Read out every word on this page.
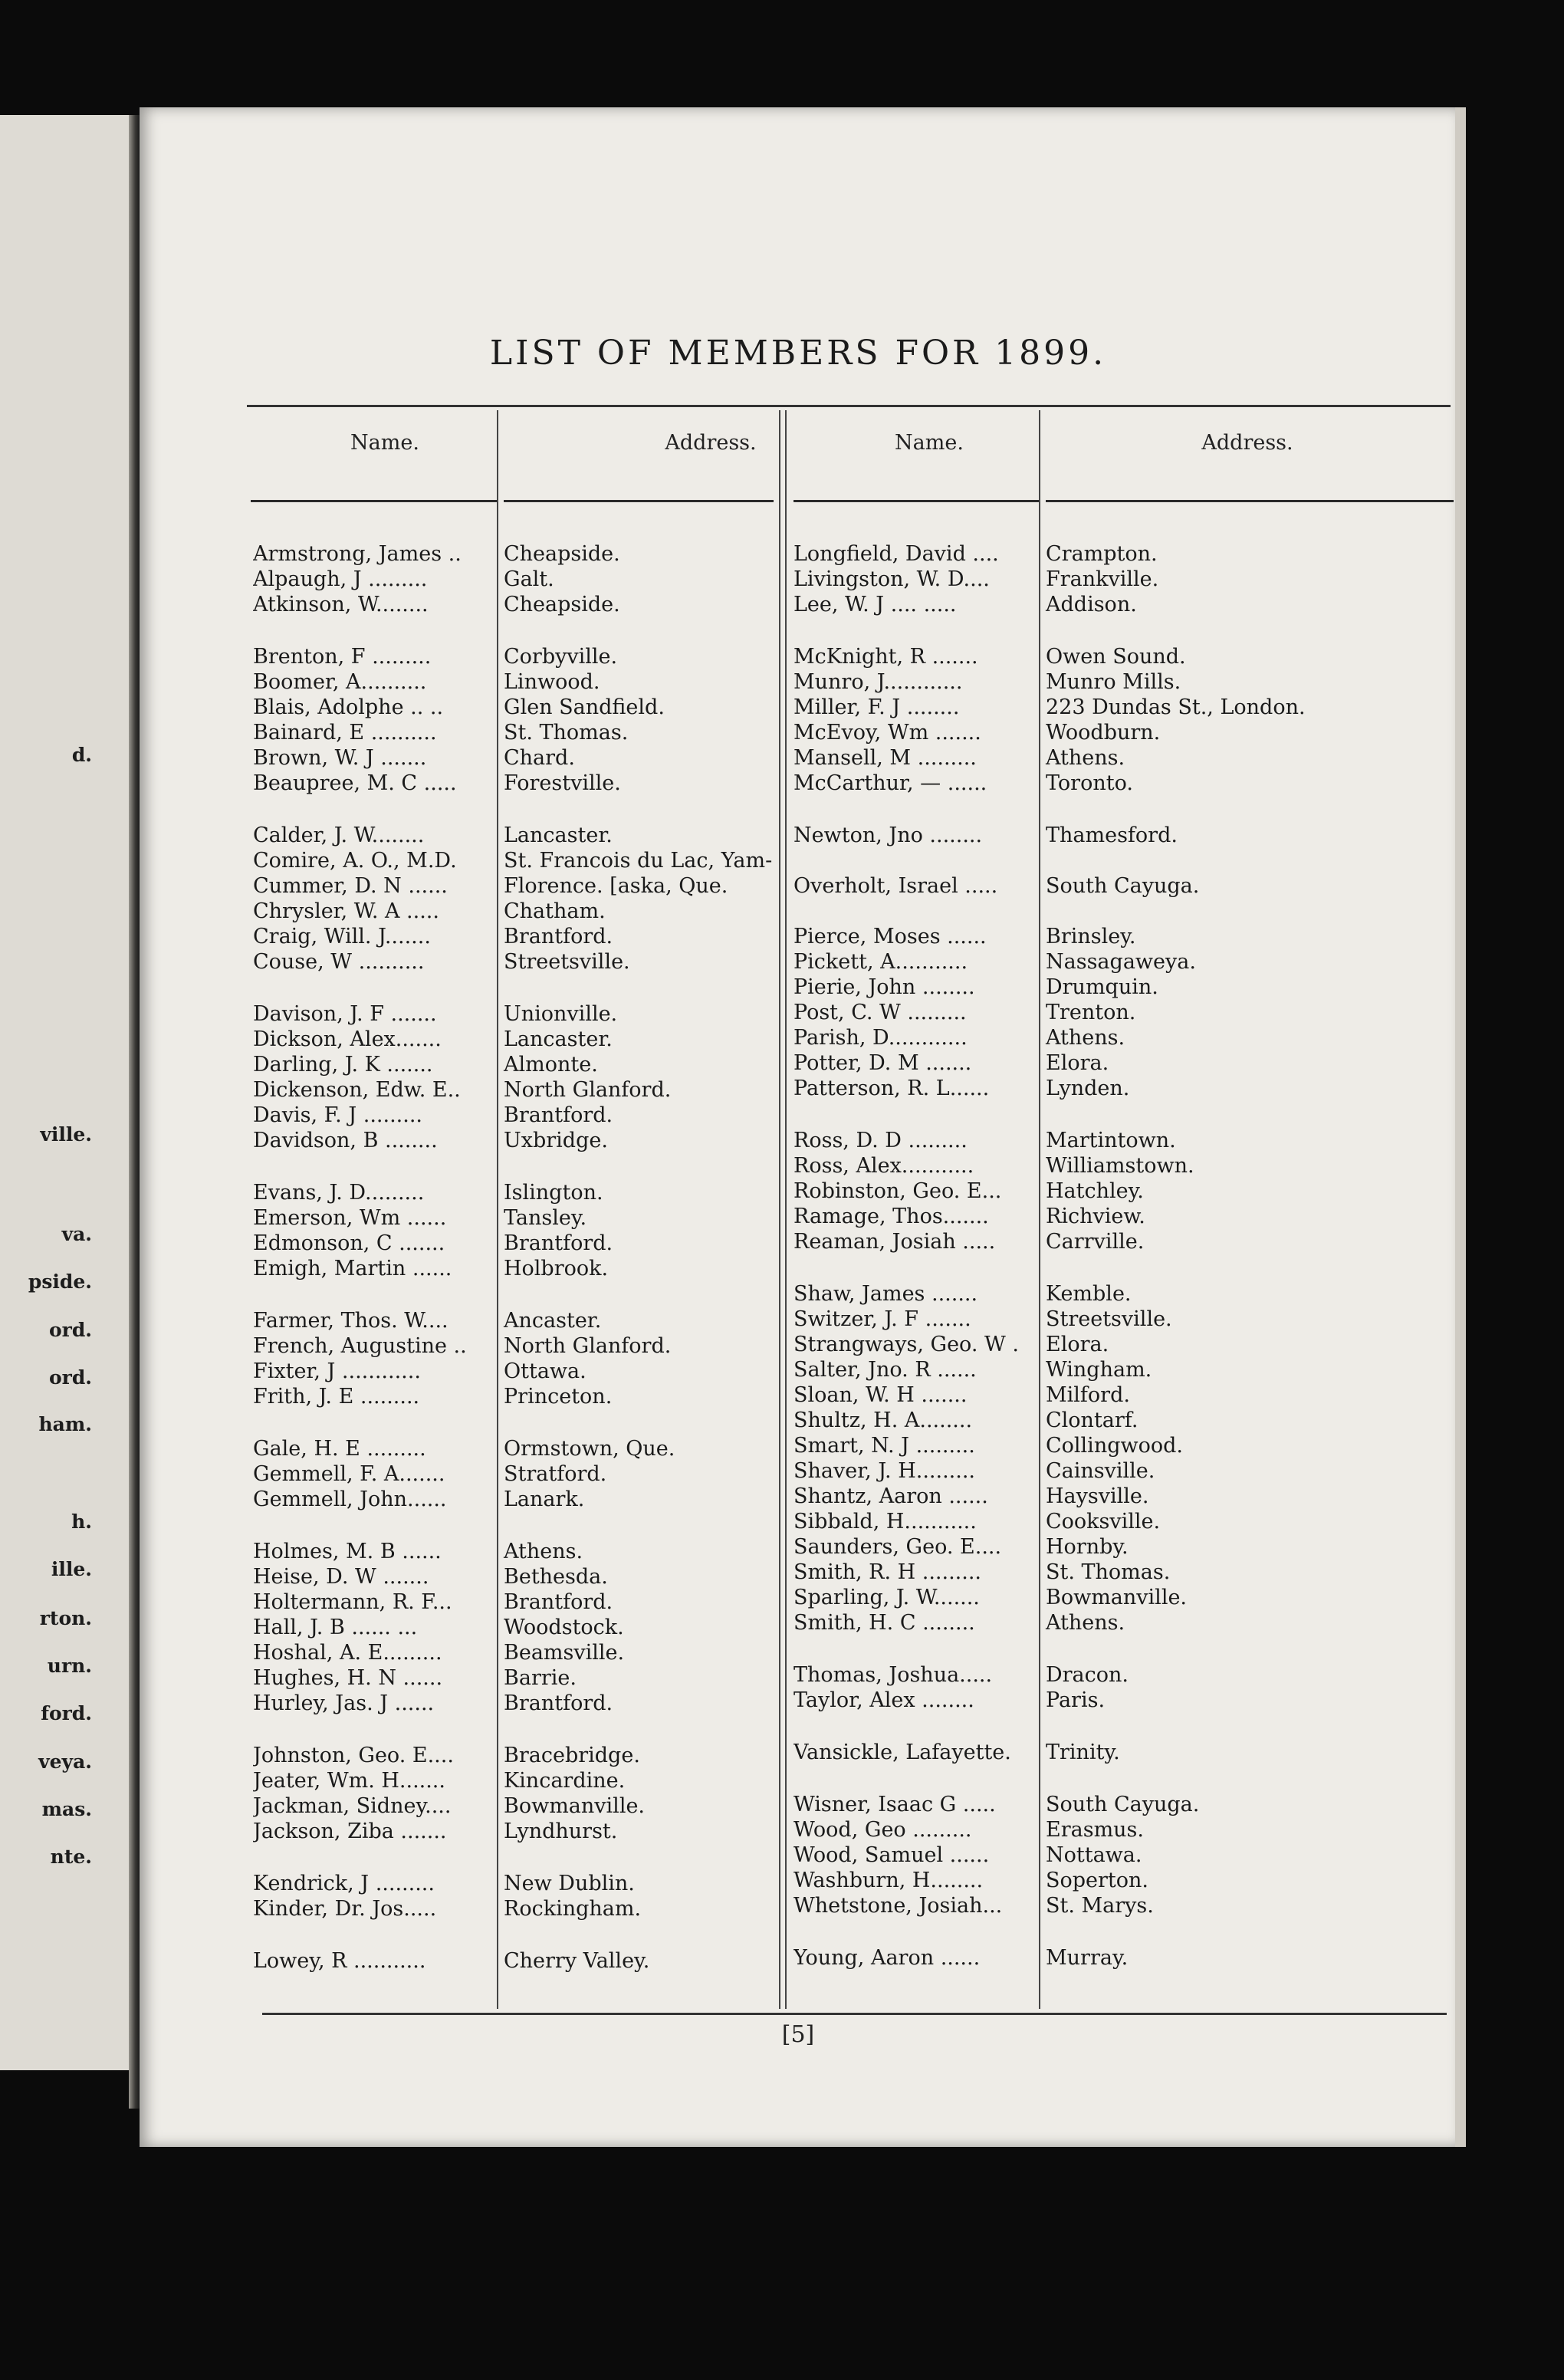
d.
ville.
va.
pside.
ord.
ord.
ham.
h.
ille.
rton.
urn.
ford.
veya.
mas.
nte.
LIST OF MEMBERS FOR 1899.
Name.	Address.	Name.	Address.
Armstrong, James ..	Cheapside.
Alpaugh, J .........	Galt.
Atkinson, W........	Cheapside.
Brenton, F .........	Corbyville.
Boomer, A..........	Linwood.
Blais, Adolphe .. ..	Glen Sandfield.
Bainard, E ..........	St. Thomas.
Brown, W. J .......	Chard.
Beaupree, M. C .....	Forestville.
Calder, J. W........	Lancaster.
Comire, A. O., M.D.	St. Francois du Lac, Yam-
Cummer, D. N ......	Florence. [aska, Que.
Chrysler, W. A .....	Chatham.
Craig, Will. J.......	Brantford.
Couse, W ..........	Streetsville.
Davison, J. F .......	Unionville.
Dickson, Alex.......	Lancaster.
Darling, J. K .......	Almonte.
Dickenson, Edw. E..	North Glanford.
Davis, F. J .........	Brantford.
Davidson, B ........	Uxbridge.
Evans, J. D.........	Islington.
Emerson, Wm ......	Tansley.
Edmonson, C .......	Brantford.
Emigh, Martin ......	Holbrook.
Farmer, Thos. W....	Ancaster.
French, Augustine ..	North Glanford.
Fixter, J ............	Ottawa.
Frith, J. E .........	Princeton.
Gale, H. E .........	Ormstown, Que.
Gemmell, F. A.......	Stratford.
Gemmell, John......	Lanark.
Holmes, M. B ......	Athens.
Heise, D. W .......	Bethesda.
Holtermann, R. F...	Brantford.
Hall, J. B ...... ...	Woodstock.
Hoshal, A. E.........	Beamsville.
Hughes, H. N ......	Barrie.
Hurley, Jas. J ......	Brantford.
Johnston, Geo. E....	Bracebridge.
Jeater, Wm. H.......	Kincardine.
Jackman, Sidney....	Bowmanville.
Jackson, Ziba .......	Lyndhurst.
Kendrick, J .........	New Dublin.
Kinder, Dr. Jos.....	Rockingham.
Lowey, R ...........	Cherry Valley.
Longfield, David ....	Crampton.
Livingston, W. D....	Frankville.
Lee, W. J .... .....	Addison.
McKnight, R .......	Owen Sound.
Munro, J............	Munro Mills.
Miller, F. J ........	223 Dundas St., London.
McEvoy, Wm .......	Woodburn.
Mansell, M .........	Athens.
McCarthur, — ......	Toronto.
Newton, Jno ........	Thamesford.
Overholt, Israel .....	South Cayuga.
Pierce, Moses ......	Brinsley.
Pickett, A...........	Nassagaweya.
Pierie, John ........	Drumquin.
Post, C. W .........	Trenton.
Parish, D............	Athens.
Potter, D. M .......	Elora.
Patterson, R. L......	Lynden.
Ross, D. D .........	Martintown.
Ross, Alex...........	Williamstown.
Robinston, Geo. E...	Hatchley.
Ramage, Thos.......	Richview.
Reaman, Josiah .....	Carrville.
Shaw, James .......	Kemble.
Switzer, J. F .......	Streetsville.
Strangways, Geo. W .	Elora.
Salter, Jno. R ......	Wingham.
Sloan, W. H .......	Milford.
Shultz, H. A........	Clontarf.
Smart, N. J .........	Collingwood.
Shaver, J. H.........	Cainsville.
Shantz, Aaron ......	Haysville.
Sibbald, H...........	Cooksville.
Saunders, Geo. E....	Hornby.
Smith, R. H .........	St. Thomas.
Sparling, J. W.......	Bowmanville.
Smith, H. C ........	Athens.
Thomas, Joshua.....	Dracon.
Taylor, Alex ........	Paris.
Vansickle, Lafayette.	Trinity.
Wisner, Isaac G .....	South Cayuga.
Wood, Geo .........	Erasmus.
Wood, Samuel ......	Nottawa.
Washburn, H........	Soperton.
Whetstone, Josiah...	St. Marys.
Young, Aaron ......	Murray.
[5]
